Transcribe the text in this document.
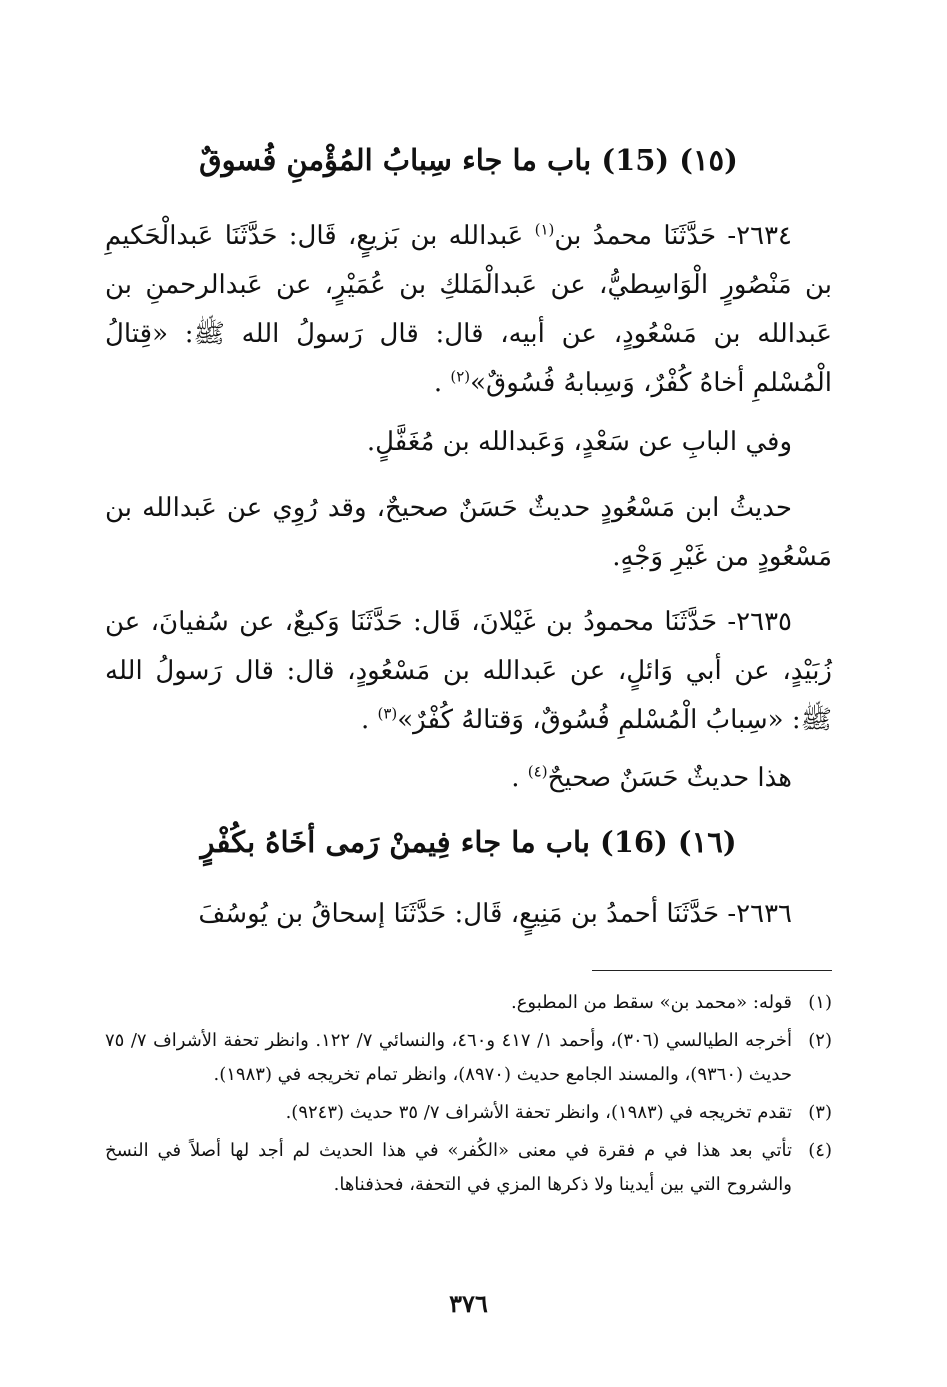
(١٥) (15) باب ما جاء سِبابُ المُؤْمنِ فُسوقٌ
٢٦٣٤- حَدَّثَنَا محمدُ بن$^{(١)}$ عَبدالله بن بَزيعٍ، قَال: حَدَّثَنَا عَبدالْحَكيمِ بن مَنْصُورٍ الْوَاسِطيُّ، عن عَبدالْمَلكِ بن عُمَيْرٍ، عن عَبدالرحمنِ بن عَبدالله بن مَسْعُودٍ، عن أبيه، قال: قال رَسولُ الله ﷺ: «قِتالُ الْمُسْلمِ أخاهُ كُفْرٌ، وَسِبابهُ فُسُوقٌ»$^{(٢)}$ .
وفي البابِ عن سَعْدٍ، وَعَبدالله بن مُغَفَّلٍ.
حديثُ ابن مَسْعُودٍ حديثٌ حَسَنٌ صحيحٌ، وقد رُوِي عن عَبدالله بن مَسْعُودٍ من غَيْرِ وَجْهٍ.
٢٦٣٥- حَدَّثَنَا محمودُ بن غَيْلانَ، قَال: حَدَّثَنَا وَكيعٌ، عن سُفيانَ، عن زُبَيْدٍ، عن أبي وَائلٍ، عن عَبدالله بن مَسْعُودٍ، قال: قال رَسولُ الله ﷺ: «سِبابُ الْمُسْلمِ فُسُوقٌ، وَقتالهُ كُفْرٌ»$^{(٣)}$ .
هذا حديثٌ حَسَنٌ صحيحٌ$^{(٤)}$ .
(١٦) (16) باب ما جاء فِيمنْ رَمى أخَاهُ بكُفْرٍ
٢٦٣٦- حَدَّثَنَا أحمدُ بن مَنِيعٍ، قَال: حَدَّثَنَا إسحاقُ بن يُوسُفَ
(١)
قوله: «محمد بن» سقط من المطبوع.
(٢)
أخرجه الطيالسي (٣٠٦)، وأحمد ١/ ٤١٧ و٤٦٠، والنسائي ٧/ ١٢٢. وانظر تحفة الأشراف ٧/ ٧٥ حديث (٩٣٦٠)، والمسند الجامع حديث (٨٩٧٠)، وانظر تمام تخريجه في (١٩٨٣).
(٣)
تقدم تخريجه في (١٩٨٣)، وانظر تحفة الأشراف ٧/ ٣٥ حديث (٩٢٤٣).
(٤)
تأتي بعد هذا في م فقرة في معنى «الكُفر» في هذا الحديث لم أجد لها أصلاً في النسخ والشروح التي بين أيدينا ولا ذكرها المزي في التحفة، فحذفناها.
٣٧٦
